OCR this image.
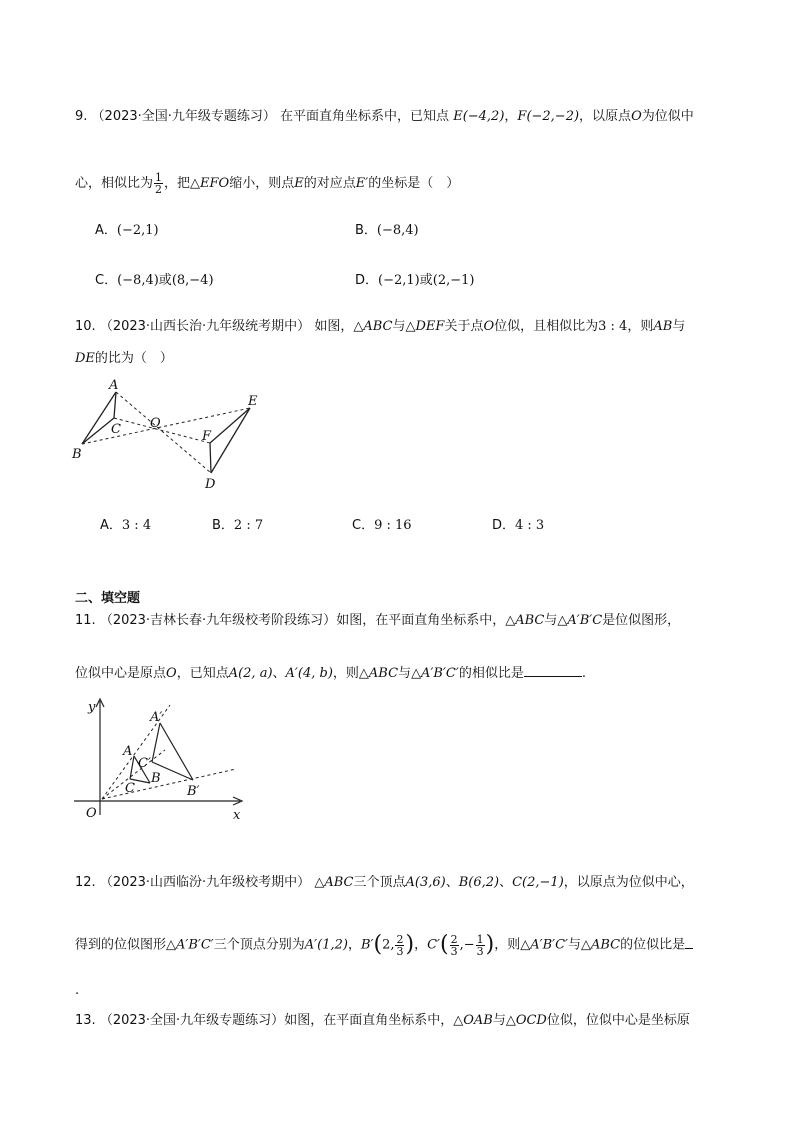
9. （2023·全国·九年级专题练习） 在平面直角坐标系中，已知点 E(−4,2)，F(−2,−2)，以原点O为位似中
心，相似比为 $\frac{1}{2}$ ，把△EFO缩小，则点E的对应点E′的坐标是（　）
A．(−2,1)	B．(−8,4)
C．(−8,4)或(8,−4)	D．(−2,1)或(2,−1)
10. （2023·山西长治·九年级统考期中） 如图，△ABC与△DEF关于点O位似，且相似比为3 : 4，则AB与
DE的比为（　）
A
B
C O
E
F
D
A．3 : 4	B．2 : 7	C．9 : 16	D．4 : 3
二、填空题
11. （2023·吉林长春·九年级校考阶段练习）如图，在平面直角坐标系中，△ABC与△A′B′C是位似图形，
位似中心是原点O，已知点A(2, a)、A′(4, b)，则△ABC与△A′B′C′的相似比是	.
y
x
O
A′
A
C′
B
C	B′
12. （2023·山西临汾·九年级校考期中） △ABC三个顶点A(3,6)、B(6,2)、C(2,−1)，以原点为位似中心，
得到的位似图形△A′B′C′三个顶点分别为A′(1,2)，B′(2, $\frac{2}{3}$ )，$C'( \frac{2}{3}$ ,− $\frac{1}{3}$ )，则△A′B′C′与△ABC的位似比是
.
13. （2023·全国·九年级专题练习）如图，在平面直角坐标系中，△OAB与△OCD位似，位似中心是坐标原
